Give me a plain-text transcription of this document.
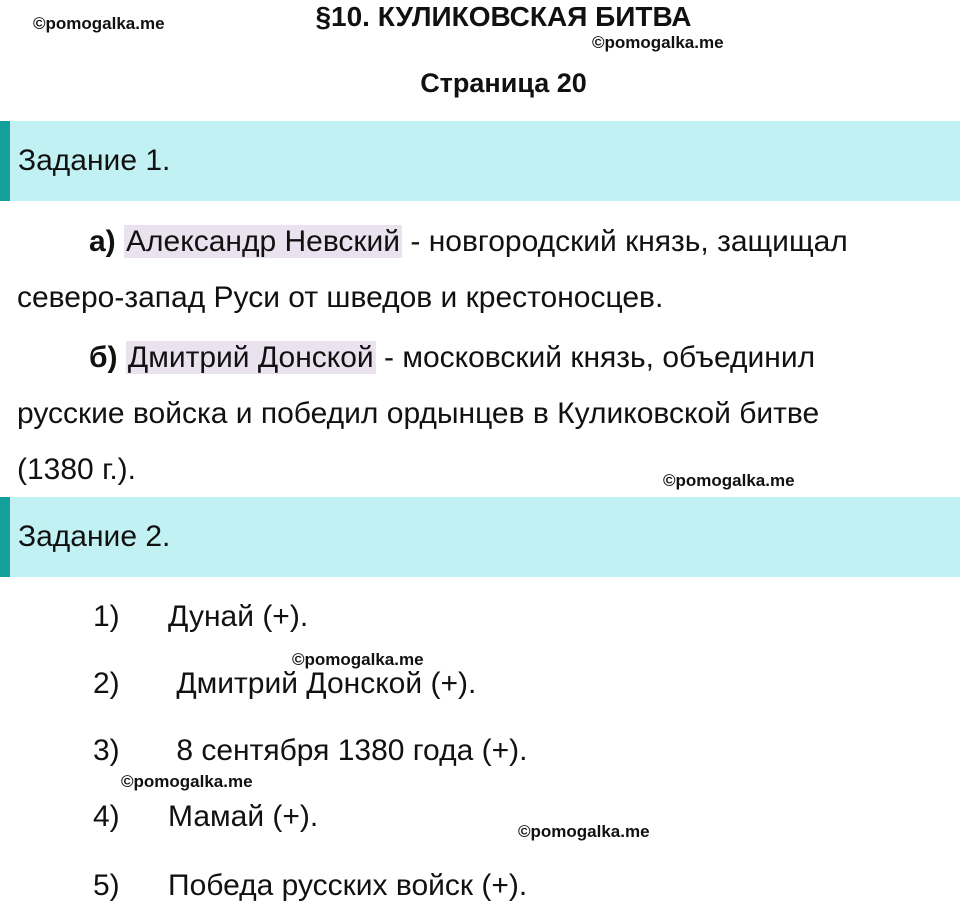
©pomogalka.me
©pomogalka.me
©pomogalka.me
©pomogalka.me
©pomogalka.me
©pomogalka.me
§10. КУЛИКОВСКАЯ БИТВА
Страница 20
Задание 1.
а) Александр Невский - новгородский князь, защищал
северо-запад Руси от шведов и крестоносцев.
б) Дмитрий Донской - московский князь, объединил
русские войска и победил ордынцев в Куликовской битве
(1380 г.).
Задание 2.
1) Дунай (+).
2) Дмитрий Донской (+).
3) 8 сентября 1380 года (+).
4) Мамай (+).
5) Победа русских войск (+).
